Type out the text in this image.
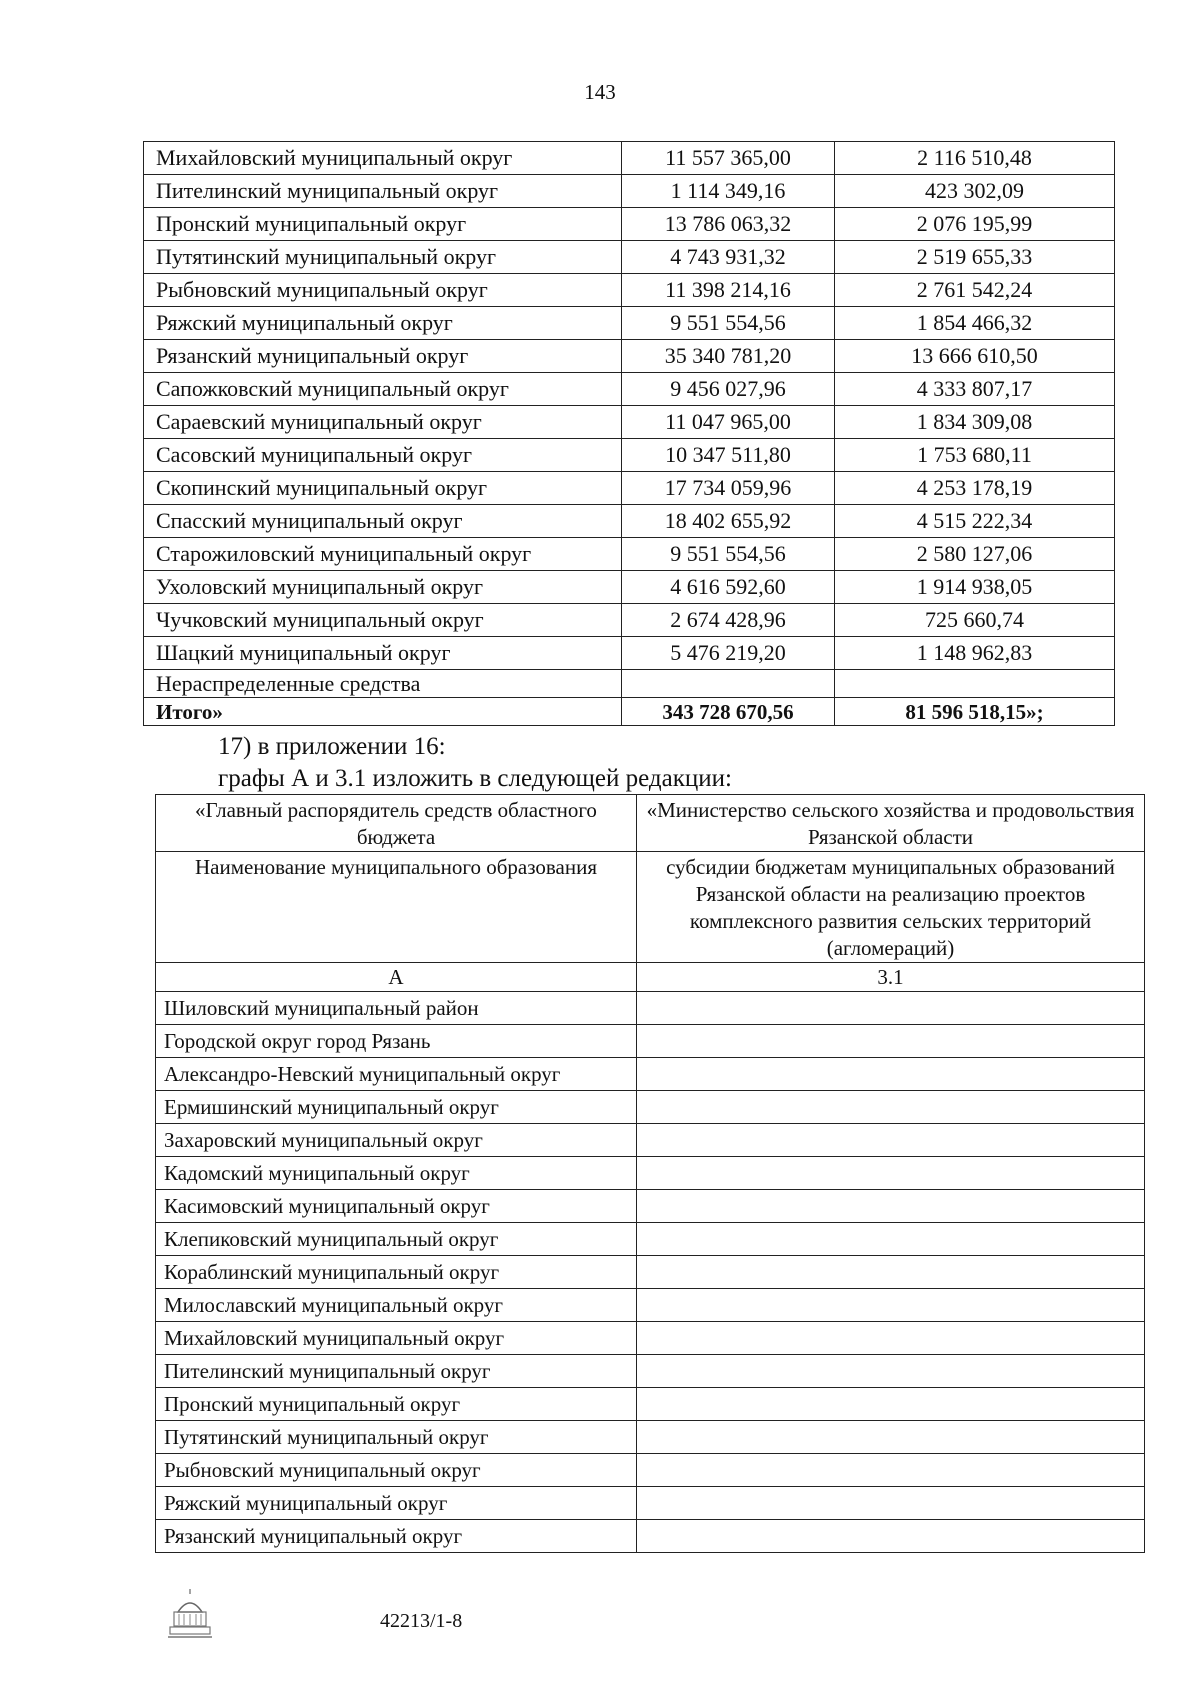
143
Михайловский муниципальный округ	11 557 365,00	2 116 510,48
Пителинский муниципальный округ	1 114 349,16	423 302,09
Пронский муниципальный округ	13 786 063,32	2 076 195,99
Путятинский муниципальный округ	4 743 931,32	2 519 655,33
Рыбновский муниципальный округ	11 398 214,16	2 761 542,24
Ряжский муниципальный округ	9 551 554,56	1 854 466,32
Рязанский муниципальный округ	35 340 781,20	13 666 610,50
Сапожковский муниципальный округ	9 456 027,96	4 333 807,17
Сараевский муниципальный округ	11 047 965,00	1 834 309,08
Сасовский муниципальный округ	10 347 511,80	1 753 680,11
Скопинский муниципальный округ	17 734 059,96	4 253 178,19
Спасский муниципальный округ	18 402 655,92	4 515 222,34
Старожиловский муниципальный округ	9 551 554,56	2 580 127,06
Ухоловский муниципальный округ	4 616 592,60	1 914 938,05
Чучковский муниципальный округ	2 674 428,96	725 660,74
Шацкий муниципальный округ	5 476 219,20	1 148 962,83
Нераспределенные средства		
Итого»	343 728 670,56	81 596 518,15»;
17) в приложении 16:
графы А и 3.1 изложить в следующей редакции:
«Главный распорядитель средств областного бюджета	«Министерство сельского хозяйства и продовольствия Рязанской области
Наименование муниципального образования	субсидии бюджетам муниципальных образований Рязанской области на реализацию проектов комплексного развития сельских территорий (агломераций)
А	3.1
Шиловский муниципальный район	
Городской округ город Рязань	
Александро-Невский муниципальный округ	
Ермишинский муниципальный округ	
Захаровский муниципальный округ	
Кадомский муниципальный округ	
Касимовский муниципальный округ	
Клепиковский муниципальный округ	
Кораблинский муниципальный округ	
Милославский муниципальный округ	
Михайловский муниципальный округ	
Пителинский муниципальный округ	
Пронский муниципальный округ	
Путятинский муниципальный округ	
Рыбновский муниципальный округ	
Ряжский муниципальный округ	
Рязанский муниципальный округ	
42213/1-8
